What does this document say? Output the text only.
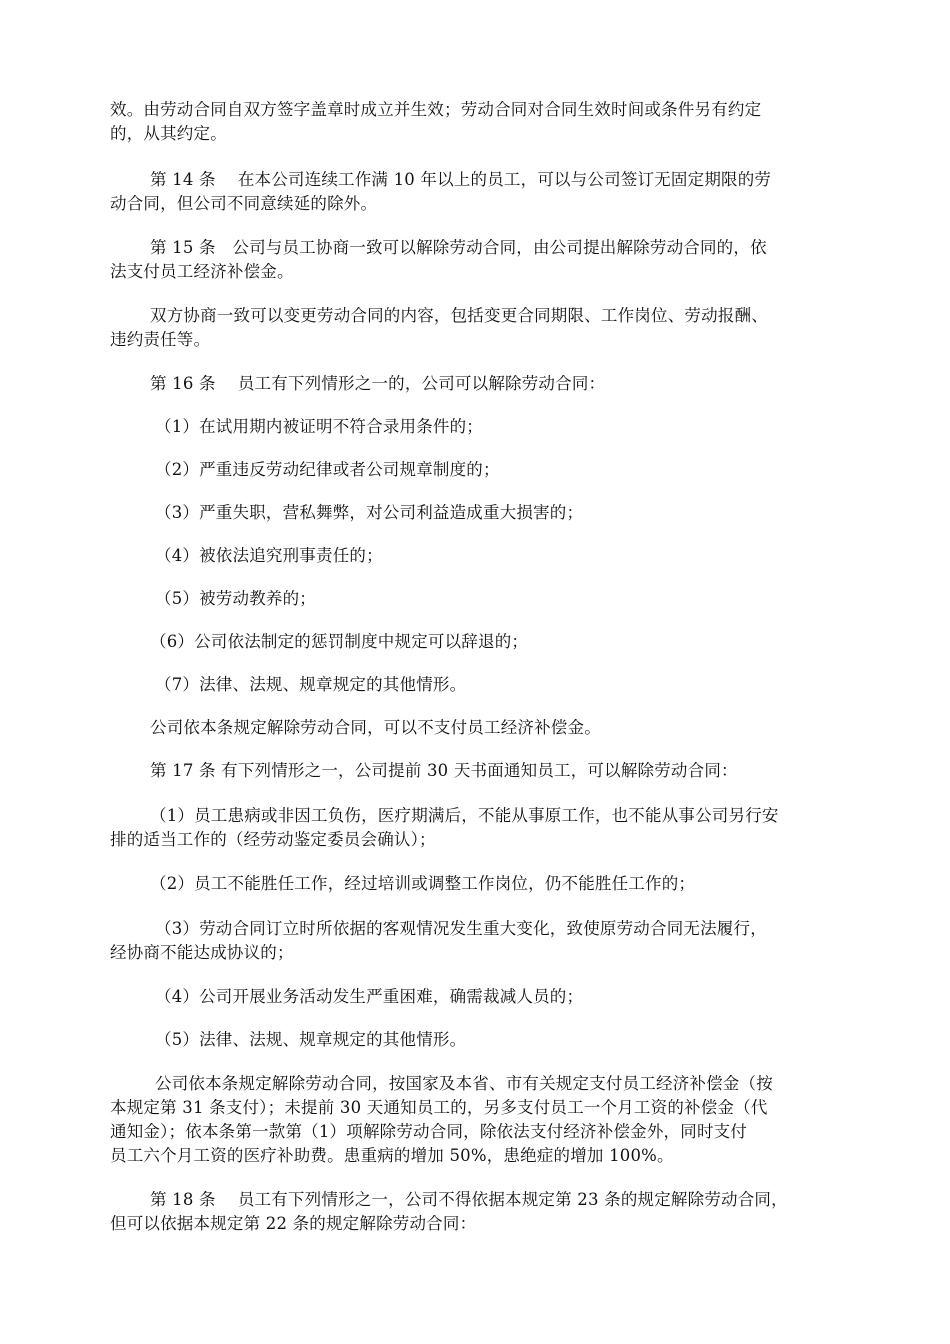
效。由劳动合同自双方签字盖章时成立并生效；劳动合同对合同生效时间或条件另有约定
的，从其约定。
第 14 条　 在本公司连续工作满 10 年以上的员工，可以与公司签订无固定期限的劳
动合同，但公司不同意续延的除外。
第 15 条　公司与员工协商一致可以解除劳动合同，由公司提出解除劳动合同的，依
法支付员工经济补偿金。
双方协商一致可以变更劳动合同的内容，包括变更合同期限、工作岗位、劳动报酬、
违约责任等。
第 16 条　 员工有下列情形之一的，公司可以解除劳动合同：
（1）在试用期内被证明不符合录用条件的；
（2）严重违反劳动纪律或者公司规章制度的；
（3）严重失职，营私舞弊，对公司利益造成重大损害的；
（4）被依法追究刑事责任的；
（5）被劳动教养的；
（6）公司依法制定的惩罚制度中规定可以辞退的；
（7）法律、法规、规章规定的其他情形。
公司依本条规定解除劳动合同，可以不支付员工经济补偿金。
第 17 条 有下列情形之一，公司提前 30 天书面通知员工，可以解除劳动合同：
（1）员工患病或非因工负伤，医疗期满后，不能从事原工作，也不能从事公司另行安
排的适当工作的（经劳动鉴定委员会确认）；
（2）员工不能胜任工作，经过培训或调整工作岗位，仍不能胜任工作的；
（3）劳动合同订立时所依据的客观情况发生重大变化，致使原劳动合同无法履行，
经协商不能达成协议的；
（4）公司开展业务活动发生严重困难，确需裁减人员的；
（5）法律、法规、规章规定的其他情形。
公司依本条规定解除劳动合同，按国家及本省、市有关规定支付员工经济补偿金（按
本规定第 31 条支付）；未提前 30 天通知员工的，另多支付员工一个月工资的补偿金（代
通知金）；依本条第一款第（1）项解除劳动合同，除依法支付经济补偿金外，同时支付
员工六个月工资的医疗补助费。患重病的增加 50%，患绝症的增加 100%。
第 18 条　 员工有下列情形之一，公司不得依据本规定第 23 条的规定解除劳动合同，
但可以依据本规定第 22 条的规定解除劳动合同：
